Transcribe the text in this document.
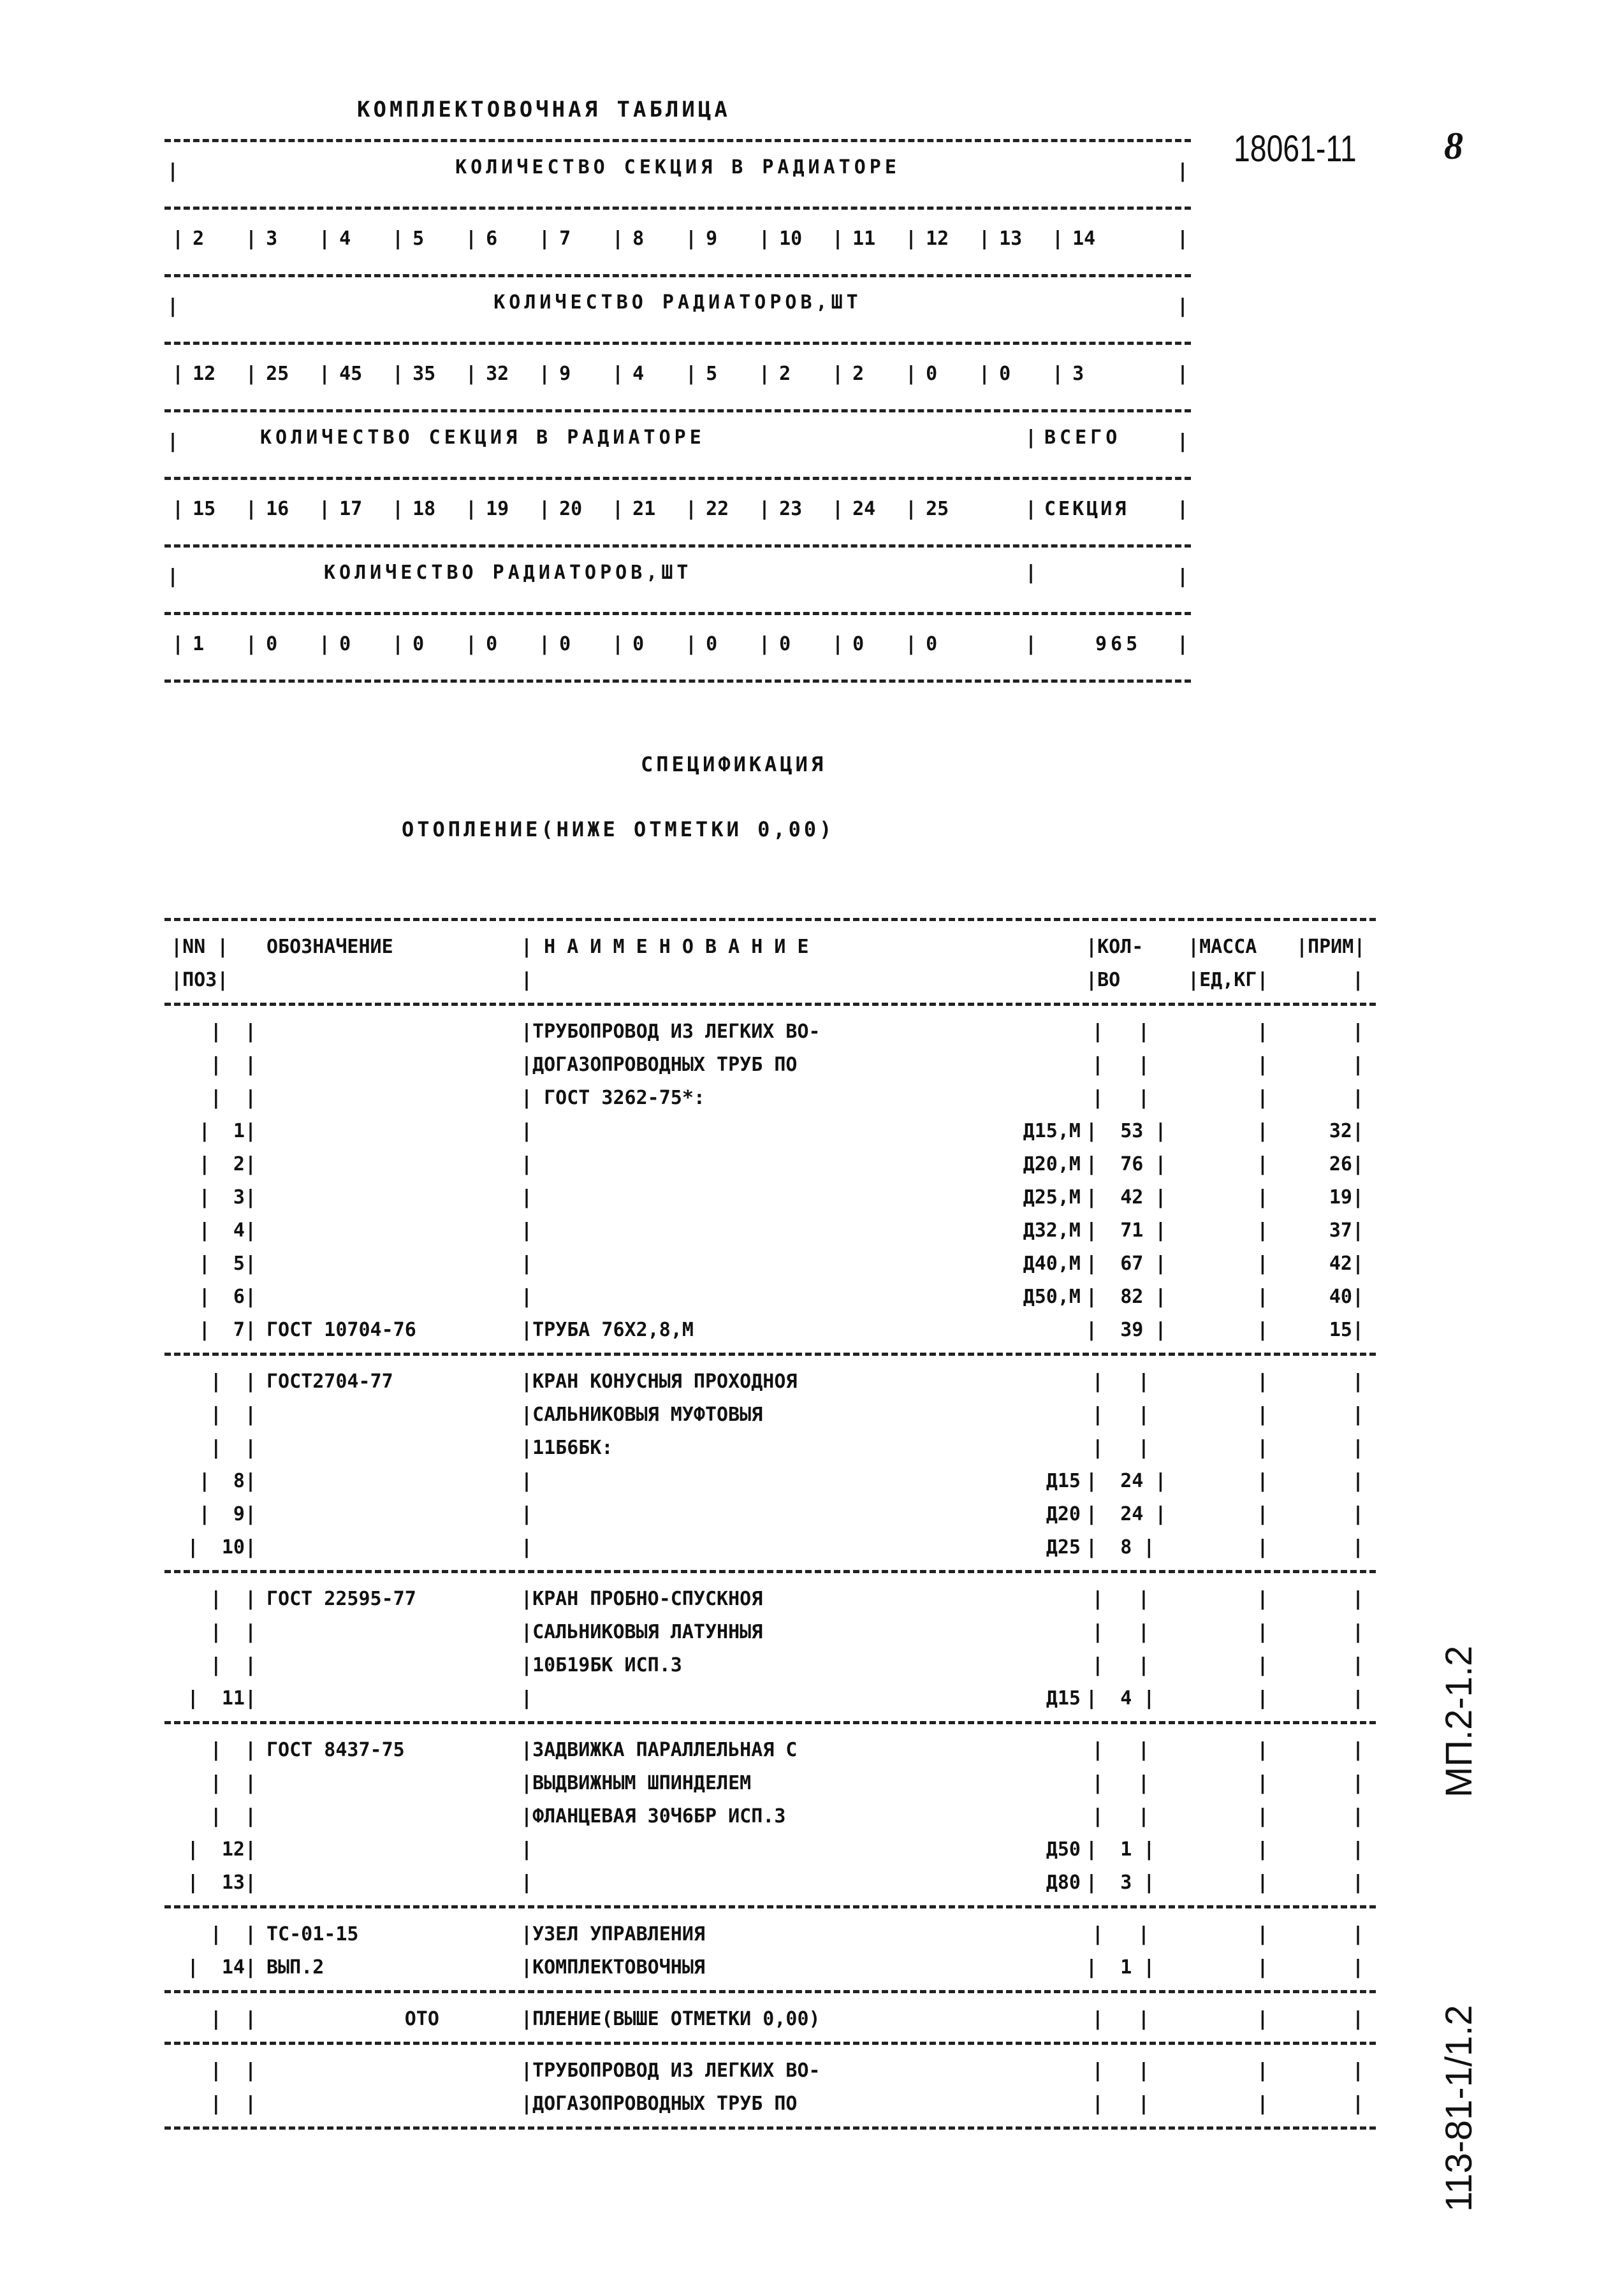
КОМПЛЕКТОВОЧНАЯ ТАБЛИЦА
18061-11 8
МП.2-1.2
113-81-1/1.2
|	КОЛИЧЕСТВО СЕКЦИЯ В РАДИАТОРЕ	|
| 2	| 3	| 4	| 5	| 6	| 7	| 8	| 9	| 10	| 11	| 12	| 13	| 14	|
|	КОЛИЧЕСТВО РАДИАТОРОВ,ШТ	|
| 12	| 25	| 45	| 35	| 32	| 9	| 4	| 5	| 2	| 2	| 0	| 0	| 3	|
|	КОЛИЧЕСТВО СЕКЦИЯ В РАДИАТОРЕ	| ВСЕГО	|
| 15	| 16	| 17	| 18	| 19	| 20	| 21	| 22	| 23	| 24	| 25	| СЕКЦИЯ	|
|	КОЛИЧЕСТВО РАДИАТОРОВ,ШТ	|	|
| 1	| 0	| 0	| 0	| 0	| 0	| 0	| 0	| 0	| 0	| 0	|	965 |
СПЕЦИФИКАЦИЯ
ОТОПЛЕНИЕ(НИЖЕ ОТМЕТКИ 0,00)
|NN |	ОБОЗНАЧЕНИЕ	| Н А И М Е Н О В А Н И Е	|КОЛ-	|МАССА	|ПРИМ|
|ПОЗ|	|	|ВО	|ЕД,КГ|	|
|  |	|ТРУБОПРОВОД ИЗ ЛЕГКИХ ВО-	|   |	|	|
|  |	|ДОГАЗОПРОВОДНЫХ ТРУБ ПО	|   |	|	|
|  |	| ГОСТ 3262-75*:	|   |	|	|
|  1|	|	Д15,М |  53 |	|	32|
|  2|	|	Д20,М |  76 |	|	26|
|  3|	|	Д25,М |  42 |	|	19|
|  4|	|	Д32,М |  71 |	|	37|
|  5|	|	Д40,М |  67 |	|	42|
|  6|	|	Д50,М |  82 |	|	40|
|  7| ГОСТ 10704-76	|ТРУБА 76Х2,8,М	|  39 |	|	15|
|  | ГОСТ2704-77	|КРАН КОНУСНЫЯ ПРОХОДНОЯ	|   |	|	|
|  |	|САЛЬНИКОВЫЯ МУФТОВЫЯ	|   |	|	|
|  |	|11Б6БК:	|   |	|	|
|  8|	|	Д15 |  24 |	|	|
|  9|	|	Д20 |  24 |	|	|
|  10|	|	Д25 |  8 |	|	|
|  | ГОСТ 22595-77	|КРАН ПРОБНО-СПУСКНОЯ	|   |	|	|
|  |	|САЛЬНИКОВЫЯ ЛАТУННЫЯ	|   |	|	|
|  |	|10Б19БК ИСП.3	|   |	|	|
|  11|	|	Д15 |  4 |	|	|
|  | ГОСТ 8437-75	|ЗАДВИЖКА ПАРАЛЛЕЛЬНАЯ С	|   |	|	|
|  |	|ВЫДВИЖНЫМ ШПИНДЕЛЕМ	|   |	|	|
|  |	|ФЛАНЦЕВАЯ 30Ч6БР ИСП.3	|   |	|	|
|  12|	|	Д50 |  1 |	|	|
|  13|	|	Д80 |  3 |	|	|
|  | ТС-01-15	|УЗЕЛ УПРАВЛЕНИЯ	|   |	|	|
|  14| ВЫП.2	|КОМПЛЕКТОВОЧНЫЯ	|  1 |	|	|
|  | ОТО	|ПЛЕНИЕ(ВЫШЕ ОТМЕТКИ 0,00)	|   |	|	|
|  |	|ТРУБОПРОВОД ИЗ ЛЕГКИХ ВО-	|   |	|	|
|  |	|ДОГАЗОПРОВОДНЫХ ТРУБ ПО	|   |	|	|
